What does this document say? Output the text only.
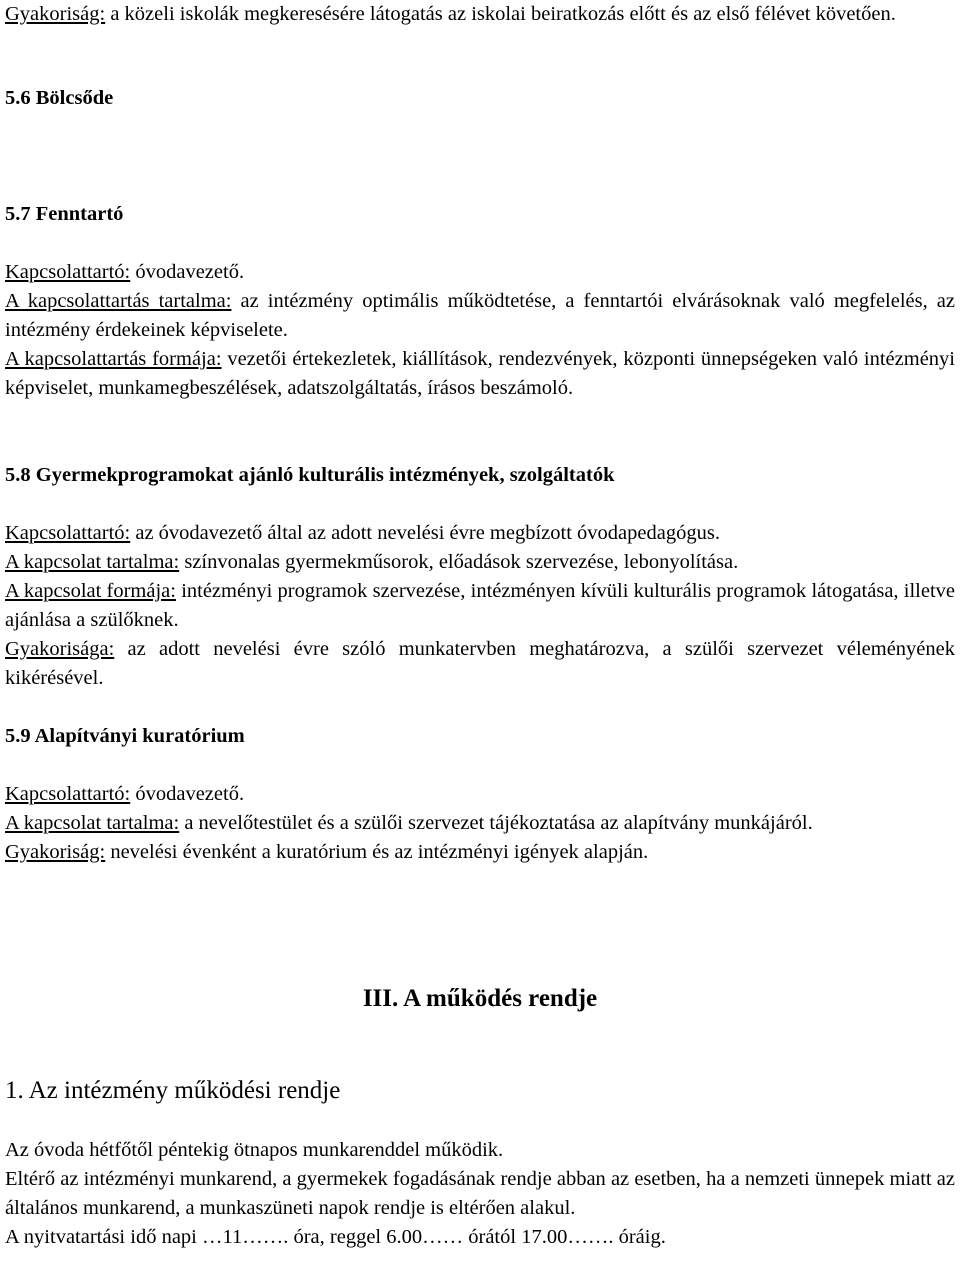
Gyakoriság: a közeli iskolák megkeresésére látogatás az iskolai beiratkozás előtt és az első félévet követően.

5.6 Bölcsőde

5.7 Fenntartó

Kapcsolattartó: óvodavezető.

A kapcsolattartás tartalma: az intézmény optimális működtetése, a fenntartói elvárásoknak való megfelelés, az intézmény érdekeinek képviselete.

A kapcsolattartás formája: vezetői értekezletek, kiállítások, rendezvények, központi ünnepségeken való intézményi képviselet, munkamegbeszélések, adatszolgáltatás, írásos beszámoló.

5.8 Gyermekprogramokat ajánló kulturális intézmények, szolgáltatók

Kapcsolattartó: az óvodavezető által az adott nevelési évre megbízott óvodapedagógus.

A kapcsolat tartalma: színvonalas gyermekműsorok, előadások szervezése, lebonyolítása.

A kapcsolat formája: intézményi programok szervezése, intézményen kívüli kulturális programok látogatása, illetve ajánlása a szülőknek.

Gyakorisága: az adott nevelési évre szóló munkatervben meghatározva, a szülői szervezet véleményének kikérésével.

5.9 Alapítványi kuratórium

Kapcsolattartó: óvodavezető.

A kapcsolat tartalma: a nevelőtestület és a szülői szervezet tájékoztatása az alapítvány munkájáról.

Gyakoriság: nevelési évenként a kuratórium és az intézményi igények alapján.

III. A működés rendje

1. Az intézmény működési rendje

Az óvoda hétfőtől péntekig ötnapos munkarenddel működik.

Eltérő az intézményi munkarend, a gyermekek fogadásának rendje abban az esetben, ha a nemzeti ünnepek miatt az általános munkarend, a munkaszüneti napok rendje is eltérően alakul.

A nyitvatartási idő napi …11……. óra, reggel 6.00…… órától 17.00……. óráig.
